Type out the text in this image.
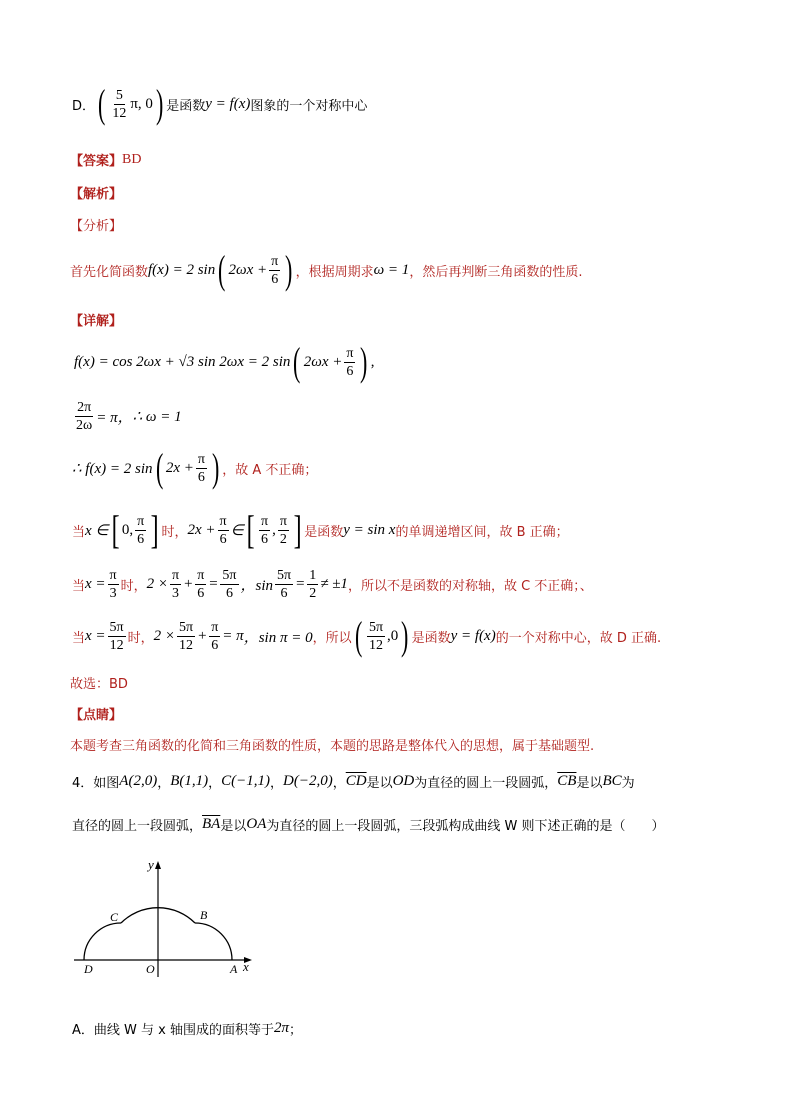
D． ( $\frac{5}{12} \pi$, 0 ) 是函数 y = f(x) 图象的一个对称中心
【答案】 BD
【解析】
【分析】
首先化简函数 f(x) = 2 sin ( $2\omega x + \frac{\pi}{6}$ ) ，根据周期求 ω = 1 ，然后再判断三角函数的性质.
【详解】
f(x) = cos 2ωx + √3 sin 2ωx = 2 sin ( $2\omega x + \frac{\pi}{6}$ ) ,
$\frac{2\pi}{2\omega} = \pi$， ∴ ω = 1
∴ f(x) = 2 sin ( $2x + \frac{\pi}{6}$ ) ，故 A 不正确；
当 x ∈ [ 0, $\frac{\pi}{6}$ ] 时， $2x + \frac{\pi}{6}$ ∈ [ $\frac{\pi}{6}$ , $\frac{\pi}{2}$ ] 是函数 y = sin x 的单调递增区间，故 B 正确；
当 $x = \frac{\pi}{3}$ 时， $2 \times \frac{\pi}{3} + \frac{\pi}{6} = \frac{5\pi}{6}$ ，$\sin \frac{5\pi}{6} = \frac{1}{2} \ne \pm 1$ ，所以不是函数的对称轴，故 C 不正确；、
当 $x = \frac{5\pi}{12}$ 时， $2 \times \frac{5\pi}{12} + \frac{\pi}{6} = \pi$ ，sin π = 0 ，所以 ( $\frac{5\pi}{12} ,0$ ) 是函数 y = f(x) 的一个对称中心，故 D 正确.
故选：BD
【点睛】
本题考查三角函数的化简和三角函数的性质，本题的思路是整体代入的思想，属于基础题型.
4．如图 A(2,0) ， B(1,1) ， C(−1,1) ， D(−2,0) ， $\overline{CD}$ 是以 OD 为直径的圆上一段圆弧， $\overline{CB}$ 是以 BC 为
直径的圆上一段圆弧， $\overline{BA}$ 是以 OA 为直径的圆上一段圆弧，三段弧构成曲线 W 则下述正确的是（　　）
y
x
C	B
D	O	A
A．曲线 W 与 x 轴围成的面积等于 2π ；
